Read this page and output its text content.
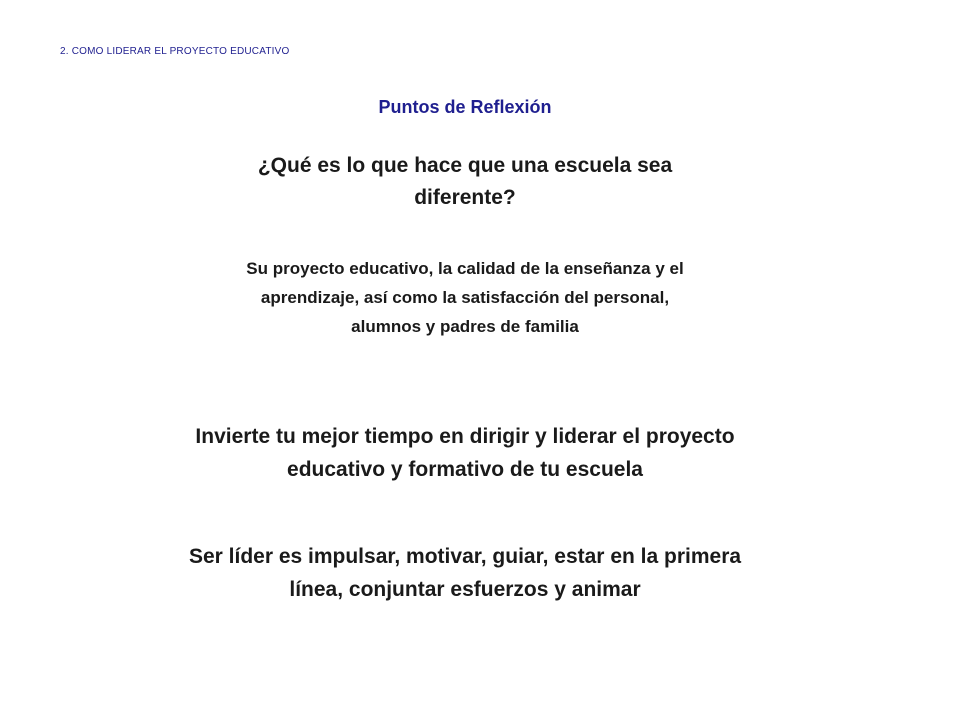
2. COMO LIDERAR EL PROYECTO EDUCATIVO
Puntos de Reflexión
¿Qué es lo que hace que una escuela sea diferente?
Su proyecto educativo, la calidad de la enseñanza y el aprendizaje, así como la satisfacción del personal, alumnos y padres de familia
Invierte tu mejor tiempo en dirigir y liderar el proyecto educativo y formativo de tu escuela
Ser líder es impulsar, motivar, guiar, estar en la primera línea, conjuntar esfuerzos y animar
